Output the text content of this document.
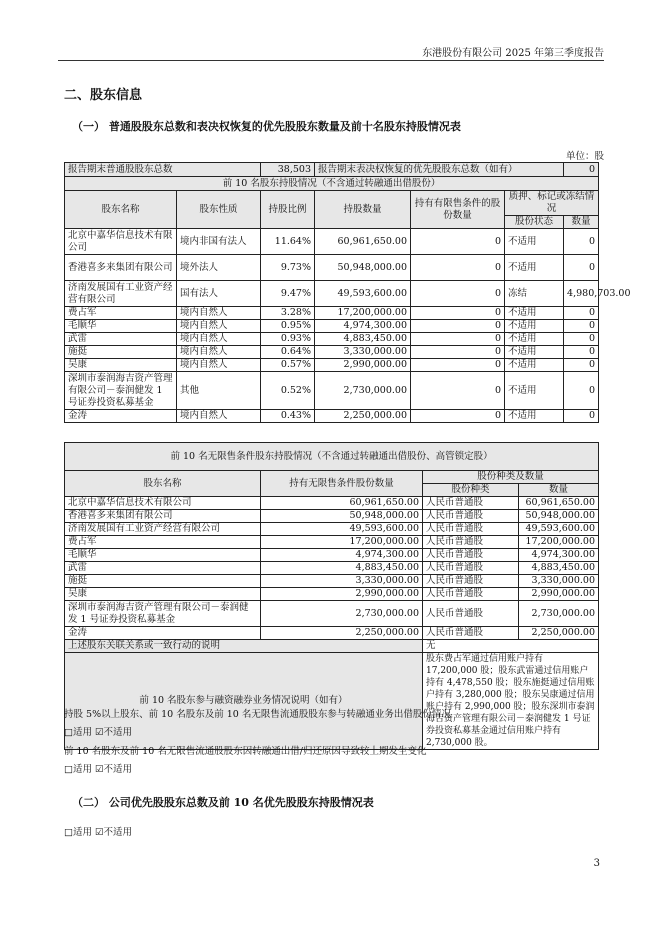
东港股份有限公司 2025 年第三季度报告
二、股东信息
（一） 普通股股东总数和表决权恢复的优先股股东数量及前十名股东持股情况表
单位：股
报告期末普通股股东总数		38,503	报告期末表决权恢复的优先股股东总数（如有）			0
前 10 名股东持股情况（不含通过转融通出借股份）						
股东名称	股东性质	持股比例	持股数量	持有有限售条件的股份数量	质押、标记或冻结情况	
					股份状态	数量
北京中嘉华信息技术有限公司	境内非国有法人	11.64%	60,961,650.00	0	不适用	0
香港喜多来集团有限公司	境外法人	9.73%	50,948,000.00	0	不适用	0
济南发展国有工业资产经营有限公司	国有法人	9.47%	49,593,600.00	0	冻结	4,980,703.00
费占军	境内自然人	3.28%	17,200,000.00	0	不适用	0
毛顺华	境内自然人	0.95%	4,974,300.00	0	不适用	0
武雷	境内自然人	0.93%	4,883,450.00	0	不适用	0
施挺	境内自然人	0.64%	3,330,000.00	0	不适用	0
吴康	境内自然人	0.57%	2,990,000.00	0	不适用	0
深圳市泰润海吉资产管理有限公司－泰润健发 1 号证券投资私募基金	其他	0.52%	2,730,000.00	0	不适用	0
金涛	境内自然人	0.43%	2,250,000.00	0	不适用	0
前 10 名无限售条件股东持股情况（不含通过转融通出借股份、高管锁定股）			
股东名称	持有无限售条件股份数量	股份种类及数量	
		股份种类	数量
北京中嘉华信息技术有限公司	60,961,650.00	人民币普通股	60,961,650.00
香港喜多来集团有限公司	50,948,000.00	人民币普通股	50,948,000.00
济南发展国有工业资产经营有限公司	49,593,600.00	人民币普通股	49,593,600.00
费占军	17,200,000.00	人民币普通股	17,200,000.00
毛顺华	4,974,300.00	人民币普通股	4,974,300.00
武雷	4,883,450.00	人民币普通股	4,883,450.00
施挺	3,330,000.00	人民币普通股	3,330,000.00
吴康	2,990,000.00	人民币普通股	2,990,000.00
深圳市泰润海吉资产管理有限公司－泰润健发 1 号证券投资私募基金	2,730,000.00	人民币普通股	2,730,000.00
金涛	2,250,000.00	人民币普通股	2,250,000.00
上述股东关联关系或一致行动的说明		无	
前 10 名股东参与融资融券业务情况说明（如有）		股东费占军通过信用账户持有 17,200,000 股；股东武雷通过信用账户持有 4,478,550 股；股东施挺通过信用账户持有 3,280,000 股；股东吴康通过信用账户持有 2,990,000 股；股东深圳市泰润海吉资产管理有限公司－泰润健发 1 号证券投资私募基金通过信用账户持有 2,730,000 股。	
持股 5%以上股东、前 10 名股东及前 10 名无限售流通股股东参与转融通业务出借股份情况
□适用 ☑不适用
前 10 名股东及前 10 名无限售流通股股东因转融通出借/归还原因导致较上期发生变化
□适用 ☑不适用
（二） 公司优先股股东总数及前 10 名优先股股东持股情况表
□适用 ☑不适用
3
